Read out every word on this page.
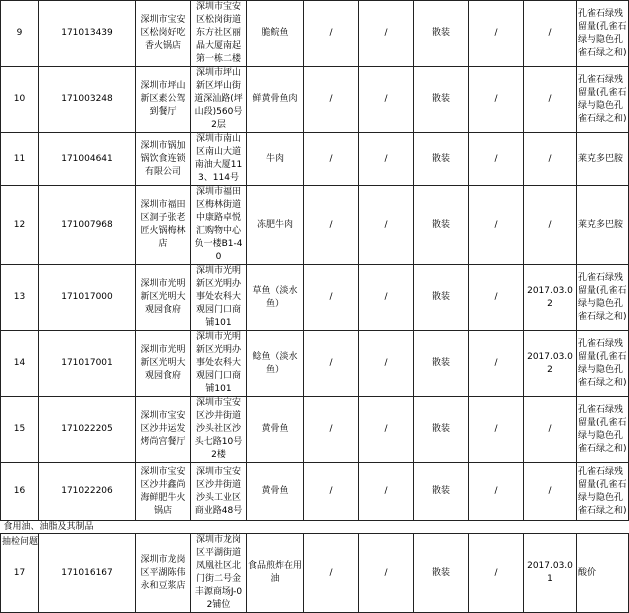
9	171013439	深圳市宝安区松岗好吃香火锅店	深圳市宝安区松岗街道东方社区丽晶大厦南起第一栋二楼	脆鲩鱼	/	/	散装	/	/	孔雀石绿残留量(孔雀石绿与隐色孔雀石绿之和)
10	171003248	深圳市坪山新区素公驾到餐厅	深圳市坪山新区坪山街道深汕路(坪山段)560号2层	鲜黄骨鱼肉	/	/	散装	/	/	孔雀石绿残留量(孔雀石绿与隐色孔雀石绿之和)
11	171004641	深圳市锅加锅饮食连锁有限公司	深圳市南山区南山大道南油大厦113、114号	牛肉	/	/	散装	/	/	莱克多巴胺
12	171007968	深圳市福田区洞子张老匠火锅梅林店	深圳市福田区梅林街道中康路卓悦汇购物中心负一楼B1-40	冻肥牛肉	/	/	散装	/	/	莱克多巴胺
13	171017000	深圳市光明新区光明大观园食府	深圳市光明新区光明办事处农科大观园门口商铺101	草鱼（淡水鱼）	/	/	散装	/	2017.03.02	孔雀石绿残留量(孔雀石绿与隐色孔雀石绿之和)
14	171017001	深圳市光明新区光明大观园食府	深圳市光明新区光明办事处农科大观园门口商铺101	鲶鱼（淡水鱼）	/	/	散装	/	2017.03.02	孔雀石绿残留量(孔雀石绿与隐色孔雀石绿之和)
15	171022205	深圳市宝安区沙井运发烤尚宫餐厅	深圳市宝安区沙井街道沙头社区沙头七路10号2楼	黄骨鱼	/	/	散装	/	/	孔雀石绿残留量(孔雀石绿与隐色孔雀石绿之和)
16	171022206	深圳市宝安区沙井鑫尚海鲜肥牛火锅店	深圳市宝安区沙井街道沙头工业区商业路48号	黄骨鱼	/	/	散装	/	/	孔雀石绿残留量(孔雀石绿与隐色孔雀石绿之和)
食用油、油脂及其制品										
17	171016167	深圳市龙岗区平湖陈伟永和豆浆店	深圳市龙岗区平湖街道凤凰社区北门街二号金丰源商场J-02铺位	食品煎炸在用油	/	/	散装	/	2017.03.01	酸价
抽检问题
